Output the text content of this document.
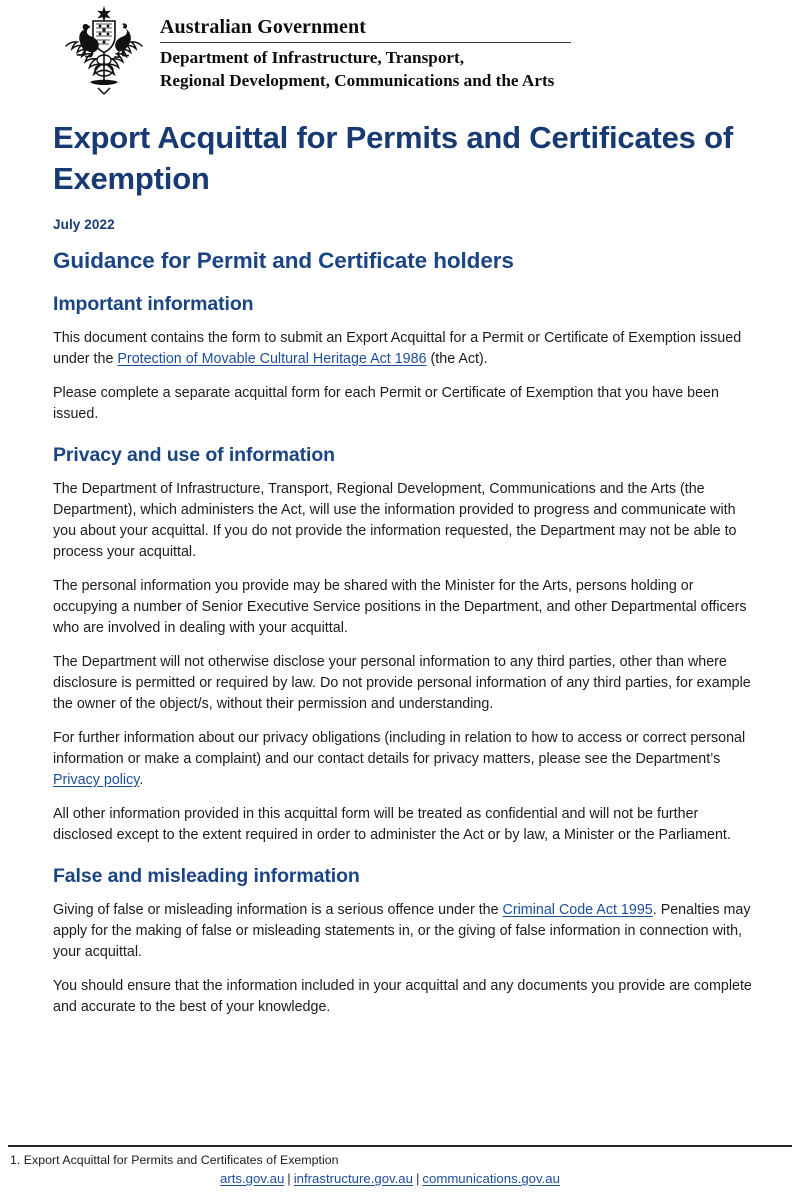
Australian Government
Department of Infrastructure, Transport,
Regional Development, Communications and the Arts
Export Acquittal for Permits and Certificates of Exemption
July 2022
Guidance for Permit and Certificate holders
Important information

This document contains the form to submit an Export Acquittal for a Permit or Certificate of Exemption issued under the Protection of Movable Cultural Heritage Act 1986 (the Act).

Please complete a separate acquittal form for each Permit or Certificate of Exemption that you have been issued.

Privacy and use of information

The Department of Infrastructure, Transport, Regional Development, Communications and the Arts (the Department), which administers the Act, will use the information provided to progress and communicate with you about your acquittal. If you do not provide the information requested, the Department may not be able to process your acquittal.

The personal information you provide may be shared with the Minister for the Arts, persons holding or occupying a number of Senior Executive Service positions in the Department, and other Departmental officers who are involved in dealing with your acquittal.

The Department will not otherwise disclose your personal information to any third parties, other than where disclosure is permitted or required by law. Do not provide personal information of any third parties, for example the owner of the object/s, without their permission and understanding.

For further information about our privacy obligations (including in relation to how to access or correct personal information or make a complaint) and our contact details for privacy matters, please see the Department’s Privacy policy.

All other information provided in this acquittal form will be treated as confidential and will not be further disclosed except to the extent required in order to administer the Act or by law, a Minister or the Parliament.

False and misleading information

Giving of false or misleading information is a serious offence under the Criminal Code Act 1995. Penalties may apply for the making of false or misleading statements in, or the giving of false information in connection with, your acquittal.

You should ensure that the information included in your acquittal and any documents you provide are complete and accurate to the best of your knowledge.

1. Export Acquittal for Permits and Certificates of Exemption
arts.gov.au | infrastructure.gov.au | communications.gov.au
